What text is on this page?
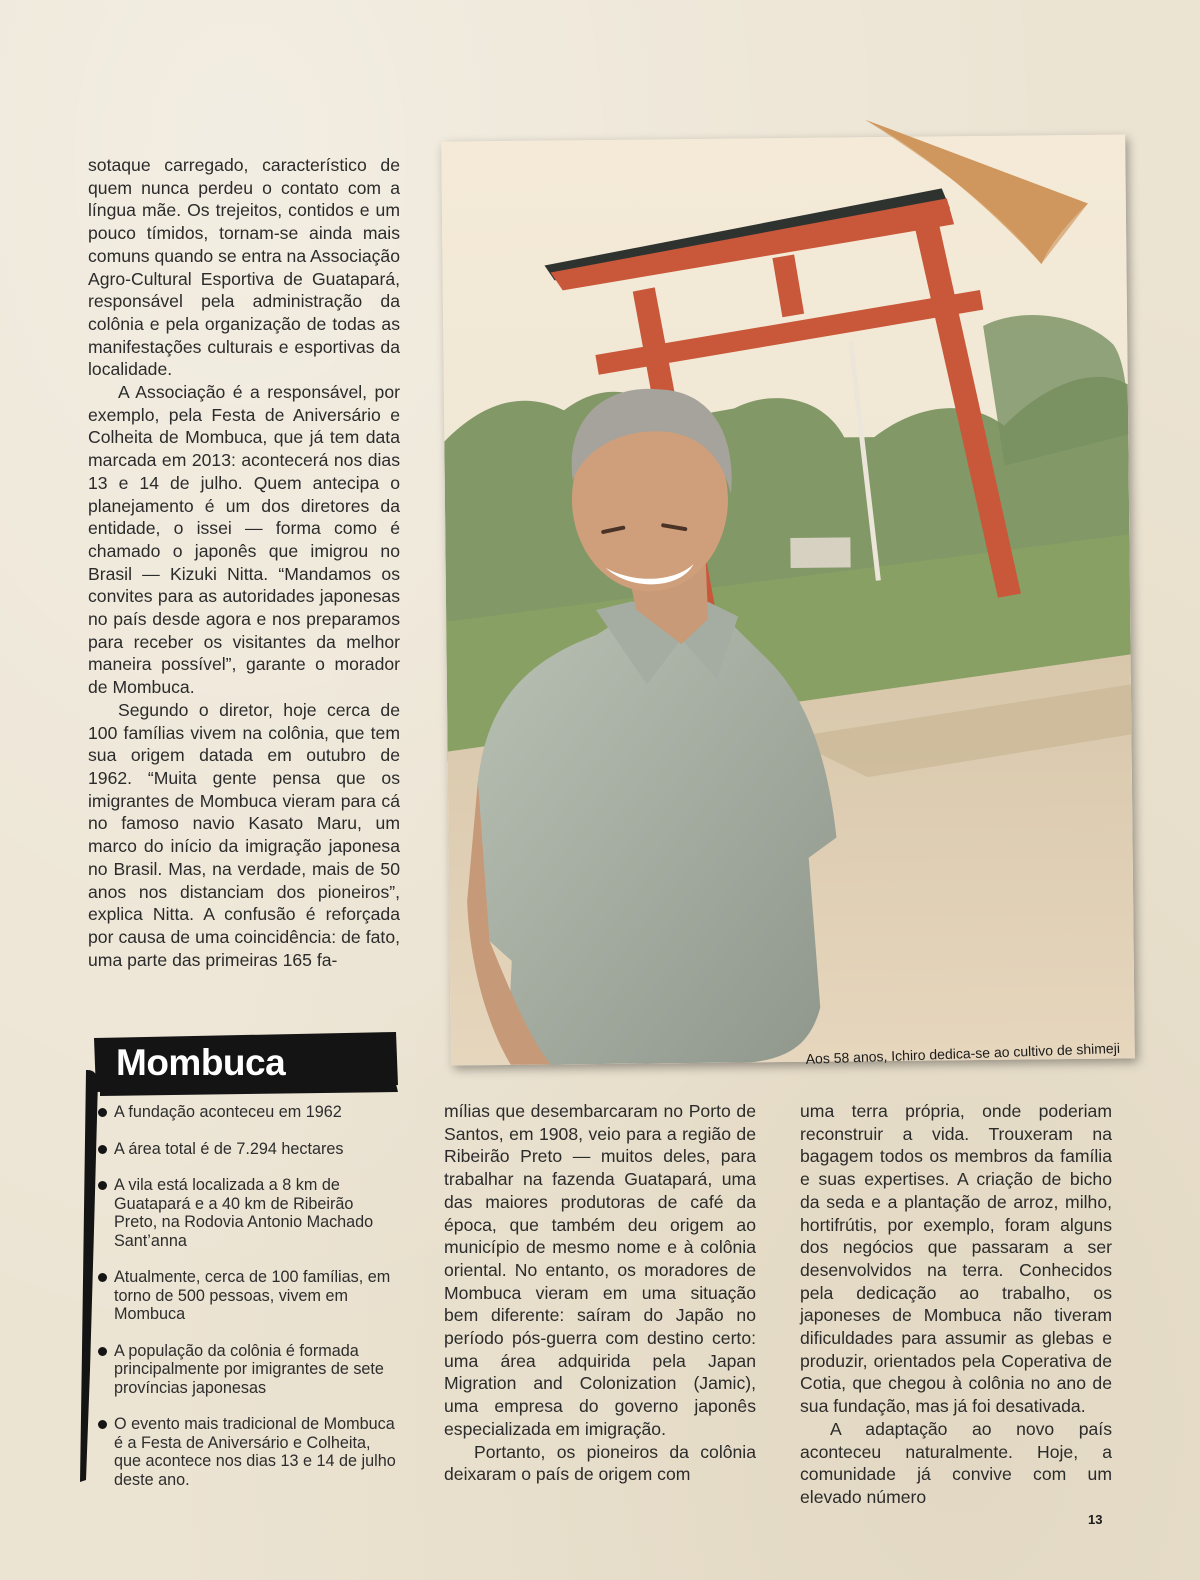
sotaque carregado, característico de quem nunca perdeu o contato com a língua mãe. Os trejeitos, contidos e um pouco tímidos, tornam-se ainda mais comuns quando se entra na Associação Agro-Cultural Esportiva de Guatapará, responsável pela administração da colônia e pela organização de todas as manifestações culturais e esportivas da localidade.

A Associação é a responsável, por exemplo, pela Festa de Aniversário e Colheita de Mombuca, que já tem data marcada em 2013: acontecerá nos dias 13 e 14 de julho. Quem antecipa o planejamento é um dos diretores da entidade, o issei — forma como é chamado o japonês que imigrou no Brasil — Kizuki Nitta. “Mandamos os convites para as autoridades japonesas no país desde agora e nos preparamos para receber os visitantes da melhor maneira possível”, garante o morador de Mombuca.

Segundo o diretor, hoje cerca de 100 famílias vivem na colônia, que tem sua origem datada em outubro de 1962. “Muita gente pensa que os imigrantes de Mombuca vieram para cá no famoso navio Kasato Maru, um marco do início da imigração japonesa no Brasil. Mas, na verdade, mais de 50 anos nos distanciam dos pioneiros”, explica Nitta. A confusão é reforçada por causa de uma coincidência: de fato, uma parte das primeiras 165 fa-

Aos 58 anos, Ichiro dedica-se ao cultivo de shimeji
Mombuca
A fundação aconteceu em 1962
A área total é de 7.294 hectares
A vila está localizada a 8 km de Guatapará e a 40 km de Ribeirão Preto, na Rodovia Antonio Machado Sant’anna
Atualmente, cerca de 100 famílias, em torno de 500 pessoas, vivem em Mombuca
A população da colônia é formada principalmente por imigrantes de sete províncias japonesas
O evento mais tradicional de Mombuca é a Festa de Aniversário e Colheita, que acontece nos dias 13 e 14 de julho deste ano.

mílias que desembarcaram no Porto de Santos, em 1908, veio para a região de Ribeirão Preto — muitos deles, para trabalhar na fazenda Guatapará, uma das maiores produtoras de café da época, que também deu origem ao município de mesmo nome e à colônia oriental. No entanto, os moradores de Mombuca vieram em uma situação bem diferente: saíram do Japão no período pós-guerra com destino certo: uma área adquirida pela Japan Migration and Colonization (Jamic), uma empresa do governo japonês especializada em imigração.

Portanto, os pioneiros da colônia deixaram o país de origem com

uma terra própria, onde poderiam reconstruir a vida. Trouxeram na bagagem todos os membros da família e suas expertises. A criação de bicho da seda e a plantação de arroz, milho, hortifrútis, por exemplo, foram alguns dos negócios que passaram a ser desenvolvidos na terra. Conhecidos pela dedicação ao trabalho, os japoneses de Mombuca não tiveram dificuldades para assumir as glebas e produzir, orientados pela Coperativa de Cotia, que chegou à colônia no ano de sua fundação, mas já foi desativada.

A adaptação ao novo país aconteceu naturalmente. Hoje, a comunidade já convive com um elevado número

13
